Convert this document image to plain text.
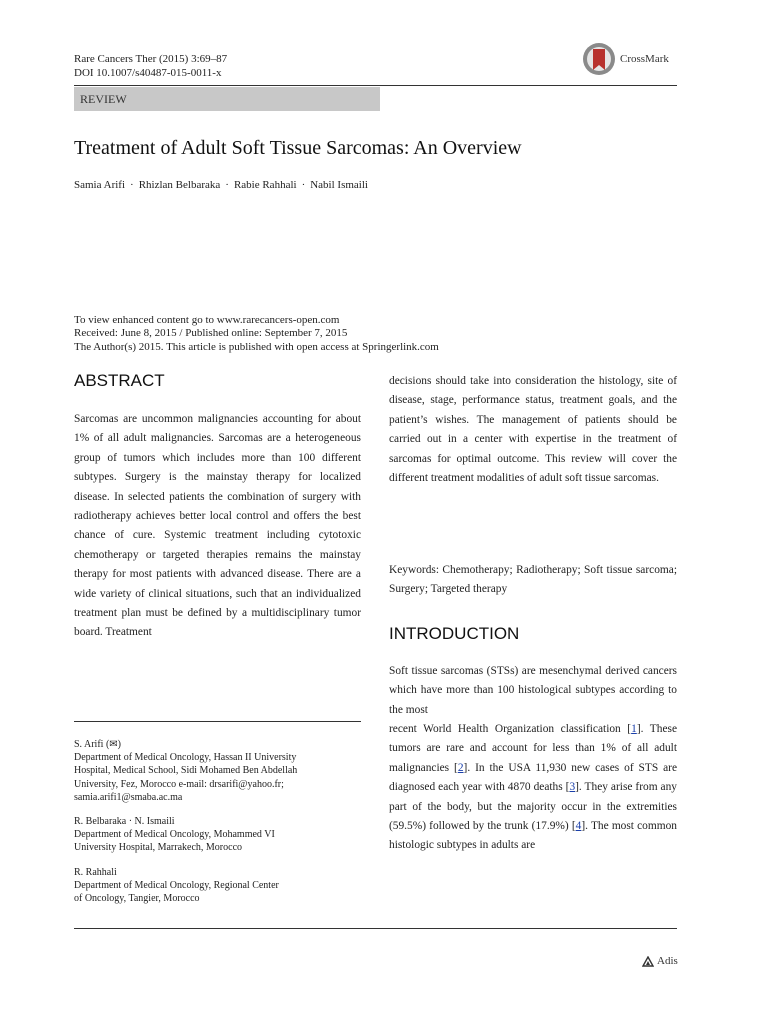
Rare Cancers Ther (2015) 3:69–87
DOI 10.1007/s40487-015-0011-x
CrossMark
REVIEW
Treatment of Adult Soft Tissue Sarcomas: An Overview
Samia Arifi · Rhizlan Belbaraka · Rabie Rahhali · Nabil Ismaili
To view enhanced content go to www.rarecancers-open.com
Received: June 8, 2015 / Published online: September 7, 2015
The Author(s) 2015. This article is published with open access at Springerlink.com
ABSTRACT
Sarcomas are uncommon malignancies accounting for about 1% of all adult malignancies. Sarcomas are a heterogeneous group of tumors which includes more than 100 different subtypes. Surgery is the mainstay therapy for localized disease. In selected patients the combination of surgery with radiotherapy achieves better local control and offers the best chance of cure. Systemic treatment including cytotoxic chemotherapy or targeted therapies remains the mainstay therapy for most patients with advanced disease. There are a wide variety of clinical situations, such that an individualized treatment plan must be defined by a multidisciplinary tumor board. Treatment
decisions should take into consideration the histology, site of disease, stage, performance status, treatment goals, and the patient’s wishes. The management of patients should be carried out in a center with expertise in the treatment of sarcomas for optimal outcome. This review will cover the different treatment modalities of adult soft tissue sarcomas.
Keywords: Chemotherapy; Radiotherapy; Soft tissue sarcoma; Surgery; Targeted therapy
INTRODUCTION
Soft tissue sarcomas (STSs) are mesenchymal derived cancers which have more than 100 histological subtypes according to the most
recent World Health Organization classification [1]. These tumors are rare and account for less than 1% of all adult malignancies [2]. In the USA 11,930 new cases of STS are diagnosed each year with 4870 deaths [3]. They arise from any part of the body, but the majority occur in the extremities (59.5%) followed by the trunk (17.9%) [4]. The most common histologic subtypes in adults are
S. Arifi (✉)
Department of Medical Oncology, Hassan II University
Hospital, Medical School, Sidi Mohamed Ben Abdellah
University, Fez, Morocco e-mail: drsarifi@yahoo.fr;
samia.arifi1@smaba.ac.ma
R. Belbaraka · N. Ismaili
Department of Medical Oncology, Mohammed VI
University Hospital, Marrakech, Morocco
R. Rahhali
Department of Medical Oncology, Regional Center
of Oncology, Tangier, Morocco
Adis
